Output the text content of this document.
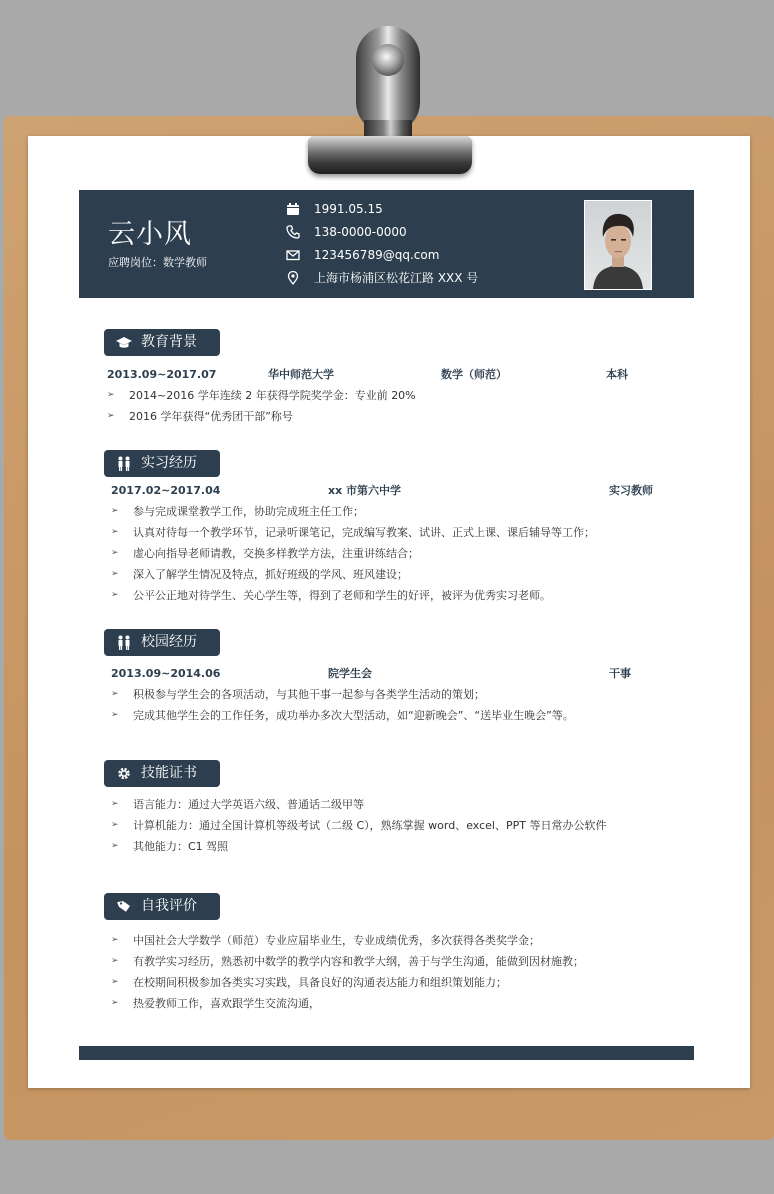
云小风
应聘岗位：数学教师
1991.05.15
138-0000-0000
123456789@qq.com
上海市杨浦区松花江路 XXX 号
教育背景
2013.09~2017.07	华中师范大学	数学（师范）	本科
➢ 2014~2016 学年连续 2 年获得学院奖学金：专业前 20%
➢ 2016 学年获得“优秀团干部”称号
实习经历
2017.02~2017.04	xx 市第六中学	实习教师
➢ 参与完成课堂教学工作，协助完成班主任工作；
➢ 认真对待每一个教学环节，记录听课笔记，完成编写教案、试讲、正式上课、课后辅导等工作；
➢ 虚心向指导老师请教，交换多样教学方法，注重讲练结合；
➢ 深入了解学生情况及特点，抓好班级的学风、班风建设；
➢ 公平公正地对待学生、关心学生等，得到了老师和学生的好评，被评为优秀实习老师。
校园经历
2013.09~2014.06	院学生会	干事
➢ 积极参与学生会的各项活动，与其他干事一起参与各类学生活动的策划；
➢ 完成其他学生会的工作任务，成功举办多次大型活动，如“迎新晚会”、“送毕业生晚会”等。
技能证书
➢ 语言能力：通过大学英语六级、普通话二级甲等
➢ 计算机能力：通过全国计算机等级考试（二级 C），熟练掌握 word、excel、PPT 等日常办公软件
➢ 其他能力：C1 驾照
自我评价
➢ 中国社会大学数学（师范）专业应届毕业生，专业成绩优秀，多次获得各类奖学金；
➢ 有教学实习经历，熟悉初中数学的教学内容和教学大纲，善于与学生沟通，能做到因材施教；
➢ 在校期间积极参加各类实习实践，具备良好的沟通表达能力和组织策划能力；
➢ 热爱教师工作，喜欢跟学生交流沟通，
